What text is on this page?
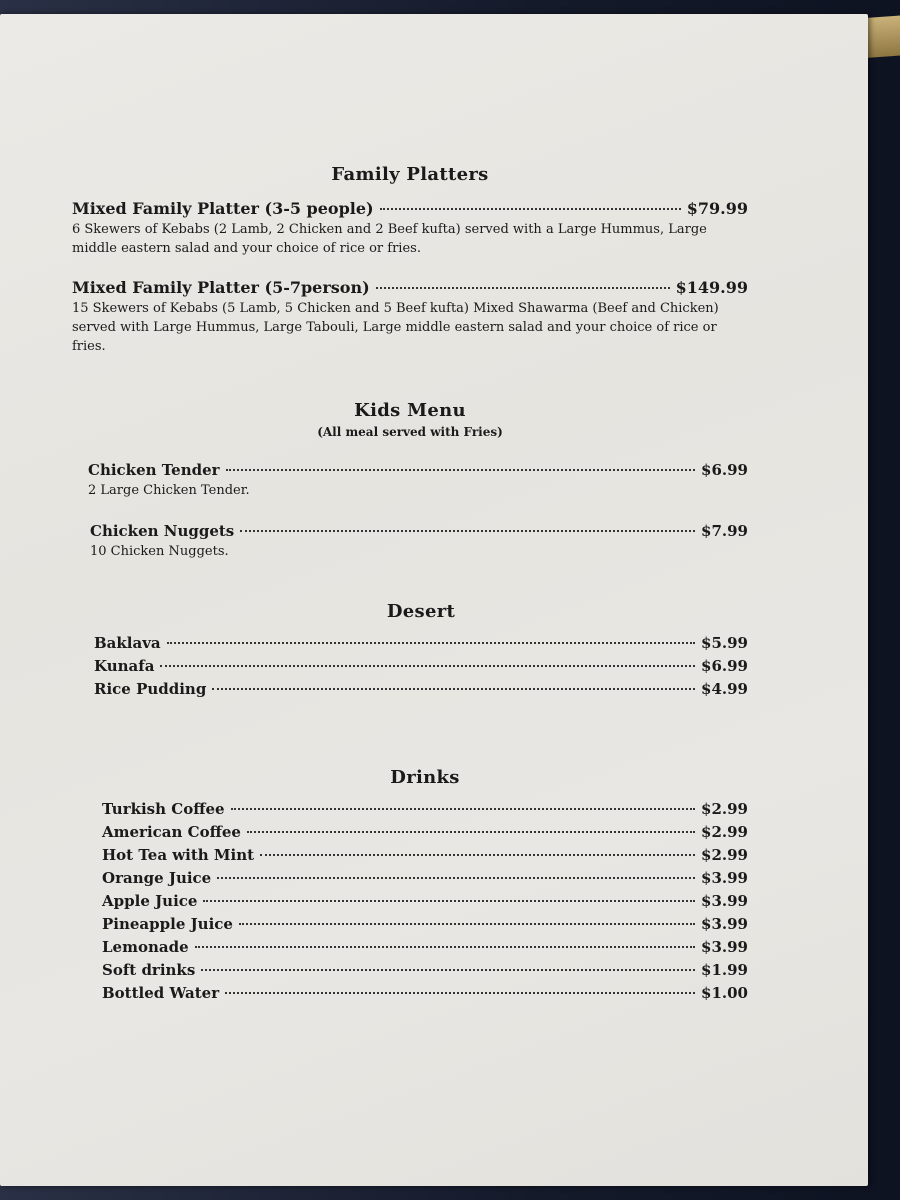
Family Platters
Mixed Family Platter (3-5 people)	$79.99
6 Skewers of Kebabs (2 Lamb, 2 Chicken and 2 Beef kufta) served with a Large Hummus, Large middle eastern salad and your choice of rice or fries.
Mixed Family Platter (5-7person)	$149.99
15 Skewers of Kebabs (5 Lamb, 5 Chicken and 5 Beef kufta) Mixed Shawarma (Beef and Chicken) served with Large Hummus, Large Tabouli, Large middle eastern salad and your choice of rice or fries.
Kids Menu
(All meal served with Fries)
Chicken Tender	$6.99
2 Large Chicken Tender.
Chicken Nuggets	$7.99
10 Chicken Nuggets.
Desert
Baklava	$5.99
Kunafa	$6.99
Rice Pudding	$4.99
Drinks
Turkish Coffee	$2.99
American Coffee	$2.99
Hot Tea with Mint	$2.99
Orange Juice	$3.99
Apple Juice	$3.99
Pineapple Juice	$3.99
Lemonade	$3.99
Soft drinks	$1.99
Bottled Water	$1.00
